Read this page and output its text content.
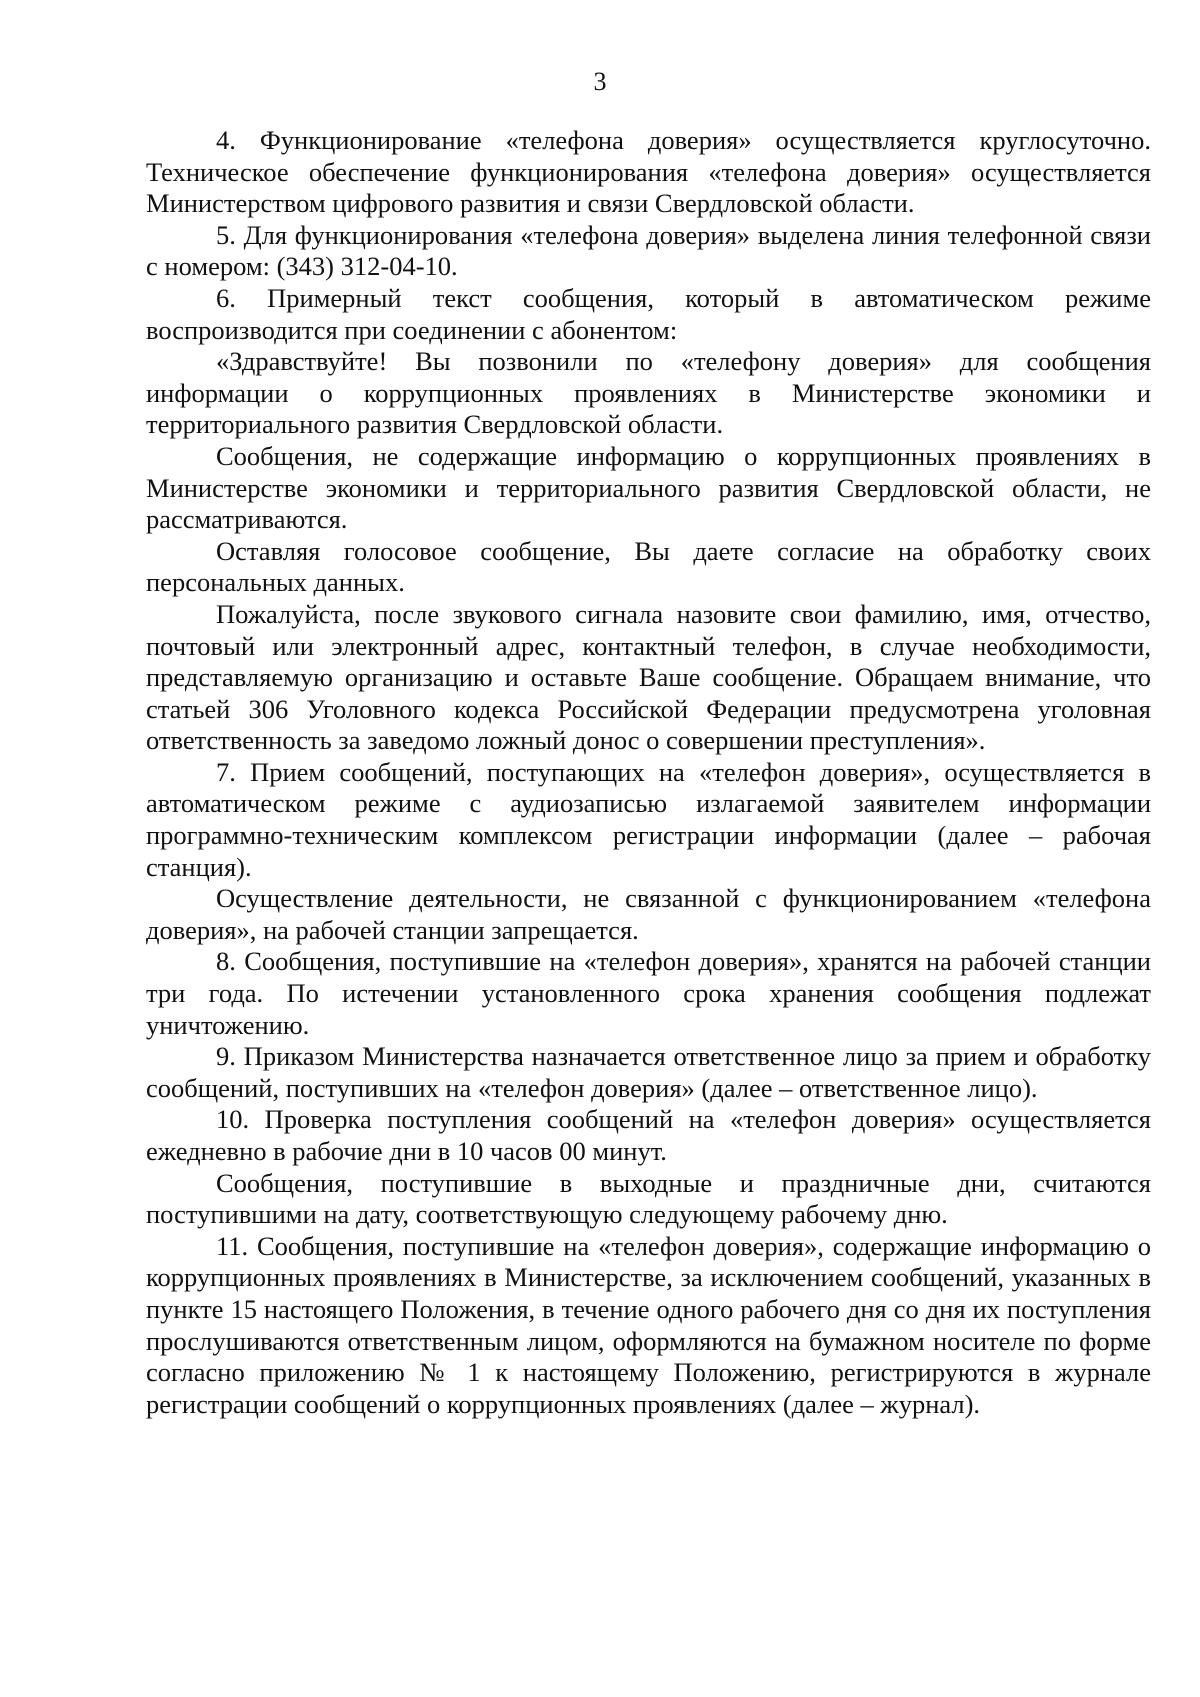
3

4. Функционирование «телефона доверия» осуществляется круглосуточно. Техническое обеспечение функционирования «телефона доверия» осуществляется Министерством цифрового развития и связи Свердловской области.

5. Для функционирования «телефона доверия» выделена линия телефонной связи с номером: (343) 312-04-10.

6. Примерный текст сообщения, который в автоматическом режиме воспроизводится при соединении с абонентом:

«Здравствуйте! Вы позвонили по «телефону доверия» для сообщения информации о коррупционных проявлениях в Министерстве экономики и территориального развития Свердловской области.

Сообщения, не содержащие информацию о коррупционных проявлениях в Министерстве экономики и территориального развития Свердловской области, не рассматриваются.

Оставляя голосовое сообщение, Вы даете согласие на обработку своих персональных данных.

Пожалуйста, после звукового сигнала назовите свои фамилию, имя, отчество, почтовый или электронный адрес, контактный телефон, в случае необходимости, представляемую организацию и оставьте Ваше сообщение. Обращаем внимание, что статьей 306 Уголовного кодекса Российской Федерации предусмотрена уголовная ответственность за заведомо ложный донос о совершении преступления».

7. Прием сообщений, поступающих на «телефон доверия», осуществляется в автоматическом режиме с аудиозаписью излагаемой заявителем информации программно-техническим комплексом регистрации информации (далее – рабочая станция).

Осуществление деятельности, не связанной с функционированием «телефона доверия», на рабочей станции запрещается.

8. Сообщения, поступившие на «телефон доверия», хранятся на рабочей станции три года. По истечении установленного срока хранения сообщения подлежат уничтожению.

9. Приказом Министерства назначается ответственное лицо за прием и обработку сообщений, поступивших на «телефон доверия» (далее – ответственное лицо).

10. Проверка поступления сообщений на «телефон доверия» осуществляется ежедневно в рабочие дни в 10 часов 00 минут.

Сообщения, поступившие в выходные и праздничные дни, считаются поступившими на дату, соответствующую следующему рабочему дню.

11. Сообщения, поступившие на «телефон доверия», содержащие информацию о коррупционных проявлениях в Министерстве, за исключением сообщений, указанных в пункте 15 настоящего Положения, в течение одного рабочего дня со дня их поступления прослушиваются ответственным лицом, оформляются на бумажном носителе по форме согласно приложению № 1 к настоящему Положению, регистрируются в журнале регистрации сообщений о коррупционных проявлениях (далее – журнал).
